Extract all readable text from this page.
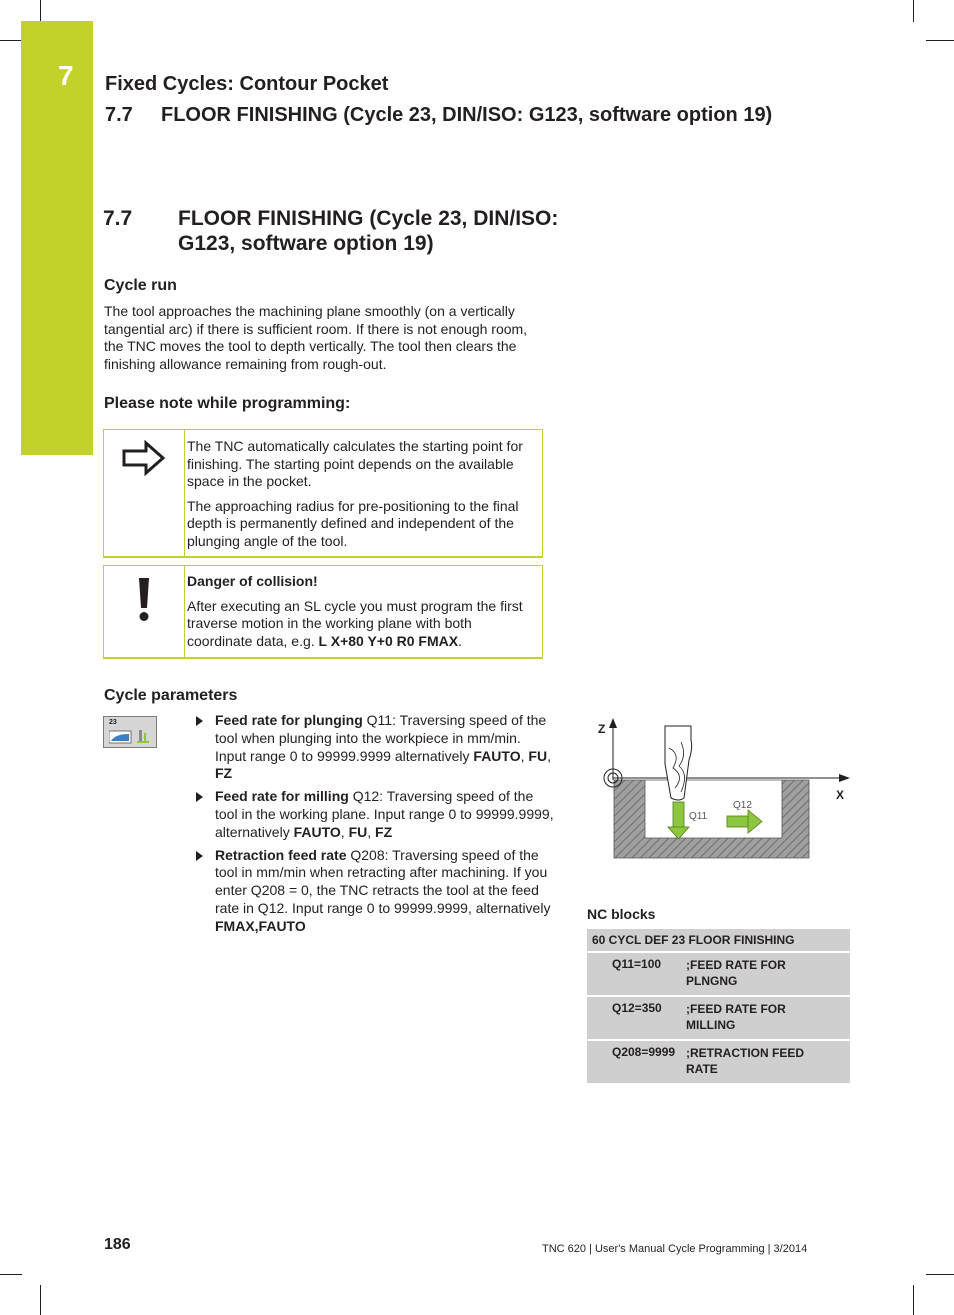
7 Fixed Cycles: Contour Pocket
7.7 FLOOR FINISHING (Cycle 23, DIN/ISO: G123, software option 19)
7.7 FLOOR FINISHING (Cycle 23, DIN/ISO: G123, software option 19)
Cycle run
The tool approaches the machining plane smoothly (on a vertically tangential arc) if there is sufficient room. If there is not enough room, the TNC moves the tool to depth vertically. The tool then clears the finishing allowance remaining from rough-out.
Please note while programming:

The TNC automatically calculates the starting point for finishing. The starting point depends on the available space in the pocket.

The approaching radius for pre-positioning to the final depth is permanently defined and independent of the plunging angle of the tool.

Danger of collision!

After executing an SL cycle you must program the first traverse motion in the working plane with both coordinate data, e.g. L X+80 Y+0 R0 FMAX.

Cycle parameters
23	Feed rate for plunging Q11: Traversing speed of the tool when plunging into the workpiece in mm/min. Input range 0 to 99999.9999 alternatively FAUTO, FU, FZ
Feed rate for milling Q12: Traversing speed of the tool in the working plane. Input range 0 to 99999.9999, alternatively FAUTO, FU, FZ
Retraction feed rate Q208: Traversing speed of the tool in mm/min when retracting after machining. If you enter Q208 = 0, the TNC retracts the tool at the feed rate in Q12. Input range 0 to 99999.9999, alternatively FMAX,FAUTO
Z
X
Q11
Q12
NC blocks
60 CYCL DEF 23 FLOOR FINISHING
Q11=100 ;FEED RATE FOR PLNGNG
Q12=350 ;FEED RATE FOR MILLING
Q208=9999 ;RETRACTION FEED RATE
186	TNC 620 | User's Manual Cycle Programming | 3/2014
